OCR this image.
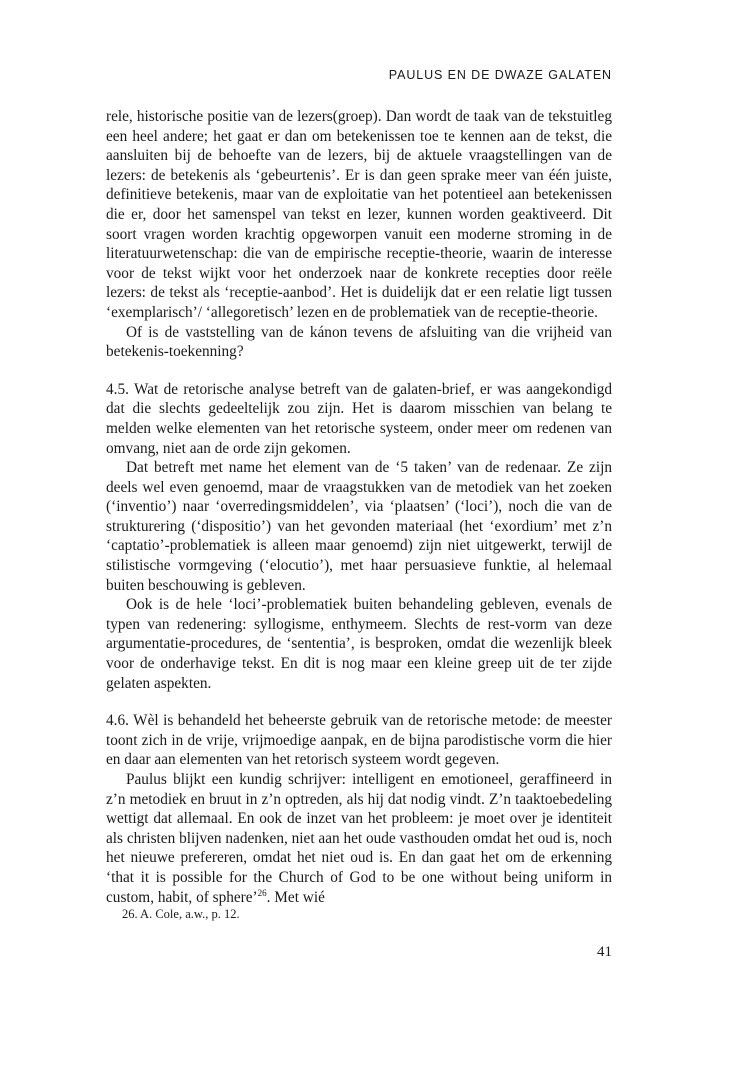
PAULUS EN DE DWAZE GALATEN

rele, historische positie van de lezers(groep). Dan wordt de taak van de tekstuitleg een heel andere; het gaat er dan om betekenissen toe te kennen aan de tekst, die aansluiten bij de behoefte van de lezers, bij de aktuele vraagstellingen van de lezers: de betekenis als ‘gebeurtenis’. Er is dan geen sprake meer van één juiste, definitieve betekenis, maar van de exploitatie van het potentieel aan betekenissen die er, door het samenspel van tekst en lezer, kunnen worden geaktiveerd. Dit soort vragen worden krachtig opgeworpen vanuit een moderne stroming in de literatuurwetenschap: die van de empirische receptie-theorie, waarin de interesse voor de tekst wijkt voor het onderzoek naar de konkrete recepties door reële lezers: de tekst als ‘receptie-aanbod’. Het is duidelijk dat er een relatie ligt tussen ‘exemplarisch’/ ‘allegoretisch’ lezen en de problematiek van de receptie-theorie.

Of is de vaststelling van de kánon tevens de afsluiting van die vrijheid van betekenis-toekenning?

4.5. Wat de retorische analyse betreft van de galaten-brief, er was aangekondigd dat die slechts gedeeltelijk zou zijn. Het is daarom misschien van belang te melden welke elementen van het retorische systeem, onder meer om redenen van omvang, niet aan de orde zijn gekomen.

Dat betreft met name het element van de ‘5 taken’ van de redenaar. Ze zijn deels wel even genoemd, maar de vraagstukken van de metodiek van het zoeken (‘inventio’) naar ‘overredingsmiddelen’, via ‘plaatsen’ (‘loci’), noch die van de strukturering (‘dispositio’) van het gevonden materiaal (het ‘exordium’ met z’n ‘captatio’-problematiek is alleen maar genoemd) zijn niet uitgewerkt, terwijl de stilistische vormgeving (‘elocutio’), met haar persuasieve funktie, al helemaal buiten beschouwing is gebleven.

Ook is de hele ‘loci’-problematiek buiten behandeling gebleven, evenals de typen van redenering: syllogisme, enthymeem. Slechts de rest-vorm van deze argumentatie-procedures, de ‘sententia’, is besproken, omdat die wezenlijk bleek voor de onderhavige tekst. En dit is nog maar een kleine greep uit de ter zijde gelaten aspekten.

4.6. Wèl is behandeld het beheerste gebruik van de retorische metode: de meester toont zich in de vrije, vrijmoedige aanpak, en de bijna parodistische vorm die hier en daar aan elementen van het retorisch systeem wordt gegeven.

Paulus blijkt een kundig schrijver: intelligent en emotioneel, geraffineerd in z’n metodiek en bruut in z’n optreden, als hij dat nodig vindt. Z’n taaktoebedeling wettigt dat allemaal. En ook de inzet van het probleem: je moet over je identiteit als christen blijven nadenken, niet aan het oude vasthouden omdat het oud is, noch het nieuwe prefereren, omdat het niet oud is. En dan gaat het om de erkenning ‘that it is possible for the Church of God to be one without being uniform in custom, habit, of sphere’$^{26}$. Met wié

26. A. Cole, a.w., p. 12.
41
